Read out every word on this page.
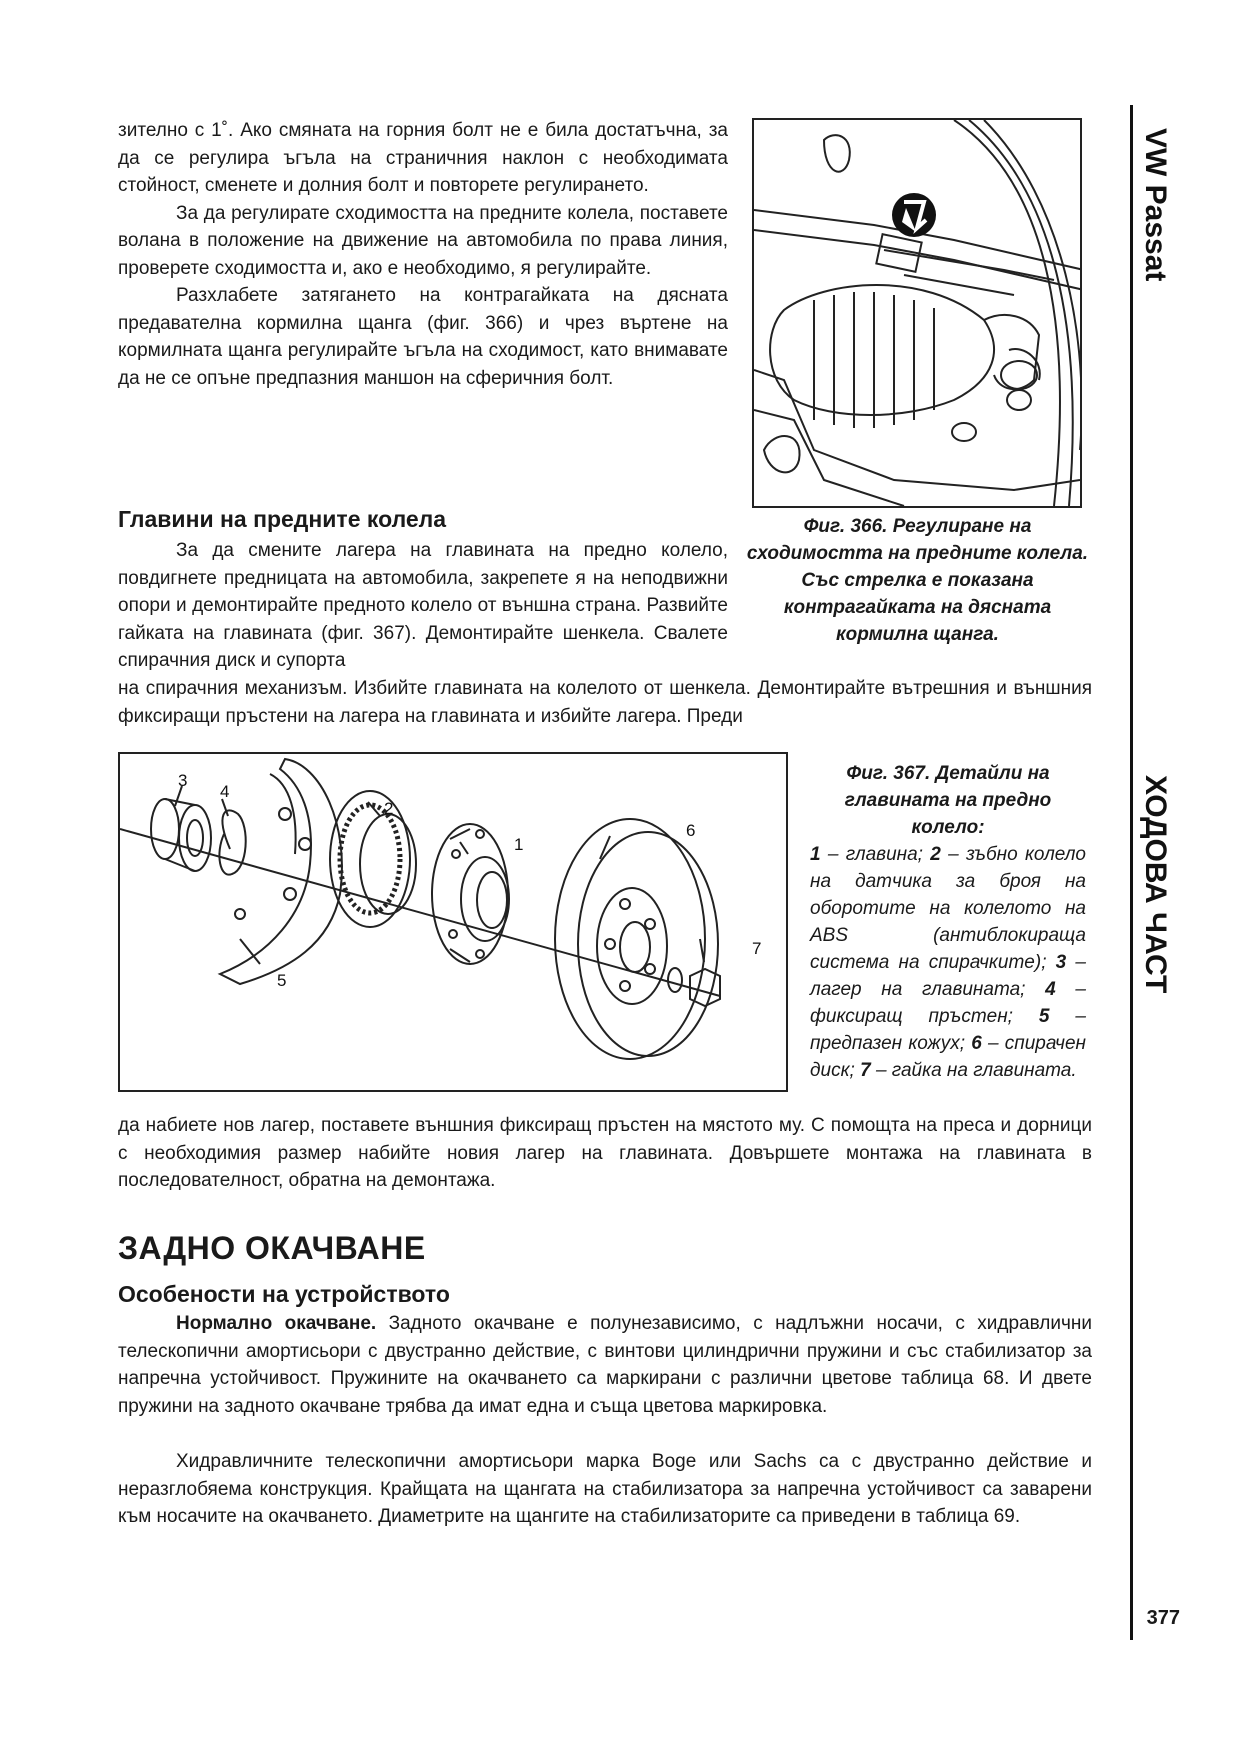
VW Passat
ХОДОВА ЧАСТ
377

зително с 1˚. Ако смяната на горния болт не е била достатъчна, за да се регулира ъгъла на страничния наклон с необходимата стойност, сменете и долния болт и повторете регулирането.

За да регулирате сходимостта на предните колела, поставете волана в положение на движение на автомобила по права линия, проверете сходимостта и, ако е необходимо, я регулирайте.

Разхлабете затягането на контрагайката на дясната предавателна кормилна щанга (фиг. 366) и чрез въртене на кормилната щанга регулирайте ъгъла на сходимост, като внимавате да не се опъне предпазния маншон на сферичния болт.

Фиг. 366. Регулиране на сходимостта на предните колела. Със стрелка е показана контрагайката на дясната кормилна щанга.

Главини на предните колела

За да смените лагера на главината на предно колело, повдигнете предницата на автомобила, закрепете я на неподвижни опори и демонтирайте предното колело от външна страна. Развийте гайката на главината (фиг. 367). Демонтирайте шенкела. Свалете спирачния диск и супорта

на спирачния механизъм. Избийте главината на колелото от шенкела. Демонтирайте вътрешния и външния фиксиращи пръстени на лагера на главината и избийте лагера. Преди

3
4
2
1
6
7
5

Фиг. 367. Детайли на главината на предно колело:

1 – главина; 2 – зъбно колело на датчика за броя на оборотите на колелото на ABS (антиблокираща система на спирачките); 3 – лагер на главината; 4 – фиксиращ пръстен; 5 – предпазен кожух; 6 – спирачен диск; 7 – гайка на главината.

да набиете нов лагер, поставете външния фиксиращ пръстен на мястото му. С помощта на преса и дорници с необходимия размер набийте новия лагер на главината. Довършете монтажа на главината в последователност, обратна на демонтажа.

ЗАДНО ОКАЧВАНЕ
Особености на устройството

Нормално окачване. Задното окачване е полунезависимо, с надлъжни носачи, с хидравлични телескопични амортисьори с двустранно действие, с винтови цилиндрични пружини и със стабилизатор за напречна устойчивост. Пружините на окачването са маркирани с различни цветове таблица 68. И двете пружини на задното окачване трябва да имат една и съща цветова маркировка.

Хидравличните телескопични амортисьори марка Boge или Sachs са с двустранно действие и неразглобяема конструкция. Крайщата на щангата на стабилизатора за напречна устойчивост са заварени към носачите на окачването. Диаметрите на щангите на стабилизаторите са приведени в таблица 69.
